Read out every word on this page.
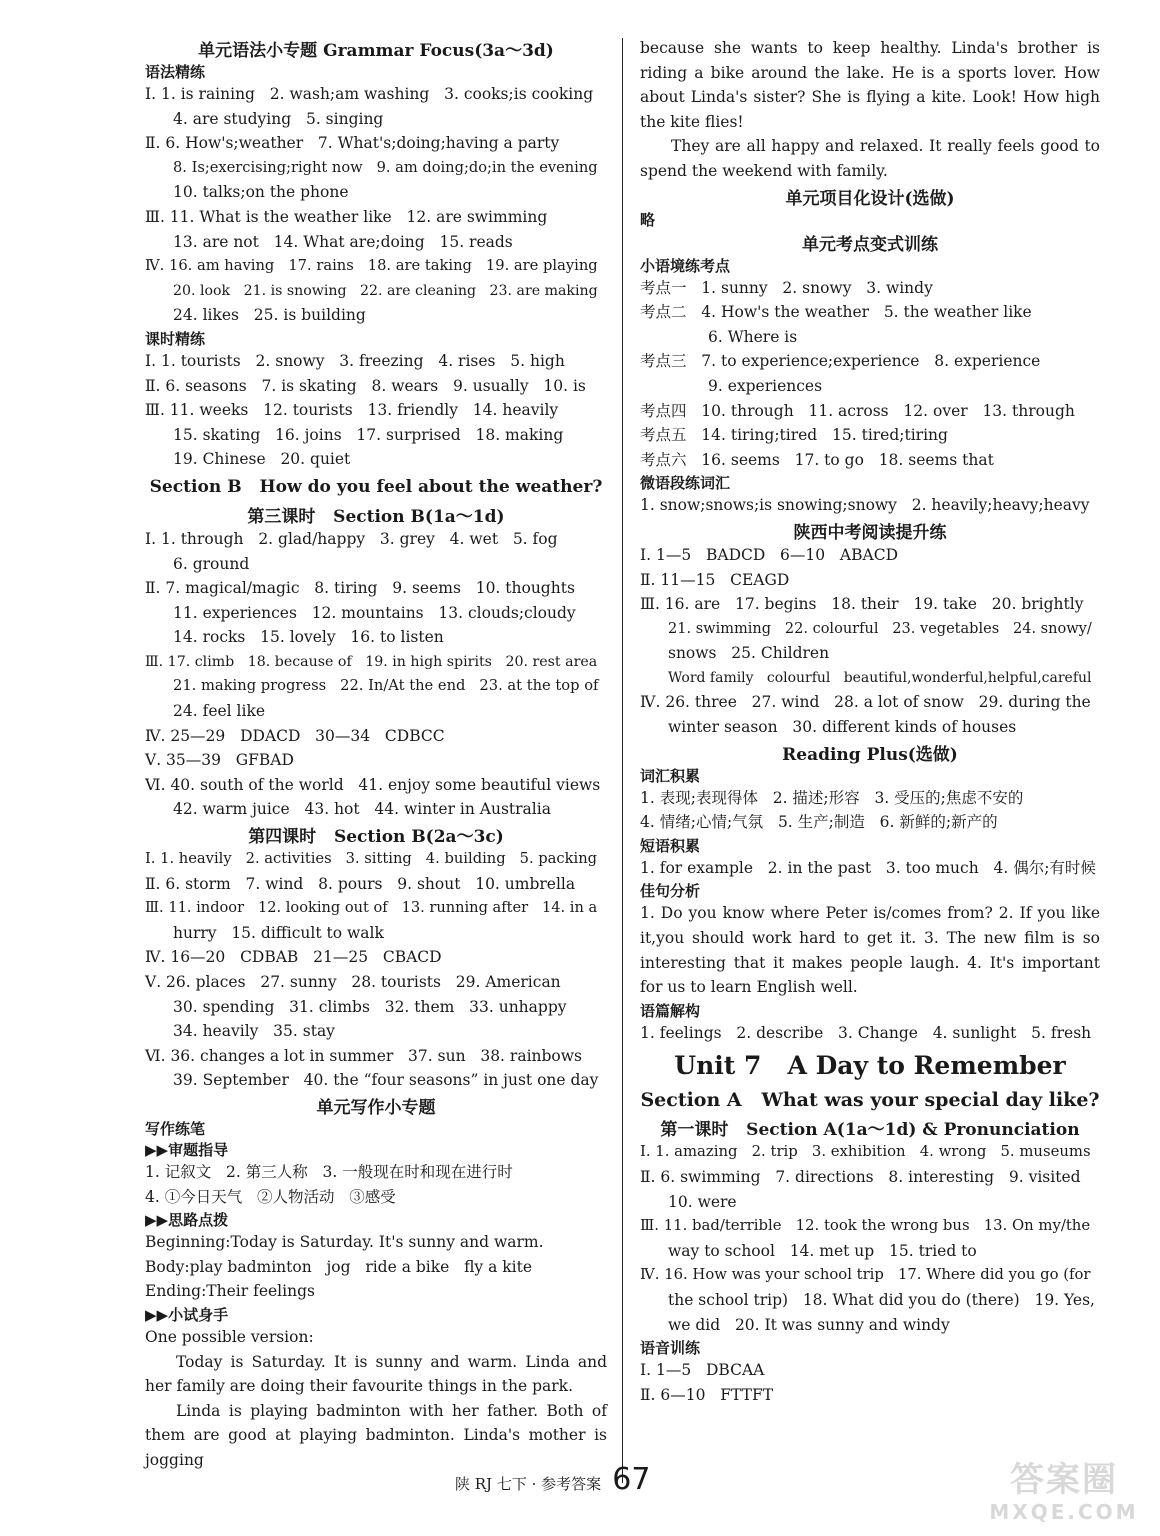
单元语法小专题 Grammar Focus(3a～3d)
语法精练
Ⅰ. 1. is raining   2. wash;am washing   3. cooks;is cooking
4. are studying   5. singing
Ⅱ. 6. How's;weather   7. What's;doing;having a party
8. Is;exercising;right now   9. am doing;do;in the evening
10. talks;on the phone
Ⅲ. 11. What is the weather like   12. are swimming
13. are not   14. What are;doing   15. reads
Ⅳ. 16. am having   17. rains   18. are taking   19. are playing
20. look   21. is snowing   22. are cleaning   23. are making
24. likes   25. is building
课时精练
Ⅰ. 1. tourists   2. snowy   3. freezing   4. rises   5. high
Ⅱ. 6. seasons   7. is skating   8. wears   9. usually   10. is
Ⅲ. 11. weeks   12. tourists   13. friendly   14. heavily
15. skating   16. joins   17. surprised   18. making
19. Chinese   20. quiet
Section B   How do you feel about the weather?
第三课时   Section B(1a～1d)
Ⅰ. 1. through   2. glad/happy   3. grey   4. wet   5. fog
6. ground
Ⅱ. 7. magical/magic   8. tiring   9. seems   10. thoughts
11. experiences   12. mountains   13. clouds;cloudy
14. rocks   15. lovely   16. to listen
Ⅲ. 17. climb   18. because of   19. in high spirits   20. rest area
21. making progress   22. In/At the end   23. at the top of
24. feel like
Ⅳ. 25—29   DDACD   30—34   CDBCC
Ⅴ. 35—39   GFBAD
Ⅵ. 40. south of the world   41. enjoy some beautiful views
42. warm juice   43. hot   44. winter in Australia
第四课时   Section B(2a～3c)
Ⅰ. 1. heavily   2. activities   3. sitting   4. building   5. packing
Ⅱ. 6. storm   7. wind   8. pours   9. shout   10. umbrella
Ⅲ. 11. indoor   12. looking out of   13. running after   14. in a
hurry   15. difficult to walk
Ⅳ. 16—20   CDBAB   21—25   CBACD
Ⅴ. 26. places   27. sunny   28. tourists   29. American
30. spending   31. climbs   32. them   33. unhappy
34. heavily   35. stay
Ⅵ. 36. changes a lot in summer   37. sun   38. rainbows
39. September   40. the “four seasons” in just one day
单元写作小专题
写作练笔
▶▶审题指导
1. 记叙文   2. 第三人称   3. 一般现在时和现在进行时
4. ①今日天气   ②人物活动   ③感受
▶▶思路点拨
Beginning:Today is Saturday. It's sunny and warm.
Body:play badminton   jog   ride a bike   fly a kite
Ending:Their feelings
▶▶小试身手
One possible version:
Today is Saturday. It is sunny and warm. Linda and her family are doing their favourite things in the park.
Linda is playing badminton with her father. Both of them are good at playing badminton. Linda's mother is jogging
because she wants to keep healthy. Linda's brother is riding a bike around the lake. He is a sports lover. How about Linda's sister? She is flying a kite. Look! How high the kite flies!
They are all happy and relaxed. It really feels good to spend the weekend with family.
单元项目化设计(选做)
略
单元考点变式训练
小语境练考点
考点一   1. sunny   2. snowy   3. windy
考点二   4. How's the weather   5. the weather like
6. Where is
考点三   7. to experience;experience   8. experience
9. experiences
考点四   10. through   11. across   12. over   13. through
考点五   14. tiring;tired   15. tired;tiring
考点六   16. seems   17. to go   18. seems that
微语段练词汇
1. snow;snows;is snowing;snowy   2. heavily;heavy;heavy
陕西中考阅读提升练
Ⅰ. 1—5   BADCD   6—10   ABACD
Ⅱ. 11—15   CEAGD
Ⅲ. 16. are   17. begins   18. their   19. take   20. brightly
21. swimming   22. colourful   23. vegetables   24. snowy/
snows   25. Children
Word family   colourful   beautiful,wonderful,helpful,careful
Ⅳ. 26. three   27. wind   28. a lot of snow   29. during the
winter season   30. different kinds of houses
Reading Plus(选做)
词汇积累
1. 表现;表现得体   2. 描述;形容   3. 受压的;焦虑不安的
4. 情绪;心情;气氛   5. 生产;制造   6. 新鲜的;新产的
短语积累
1. for example   2. in the past   3. too much   4. 偶尔;有时候
佳句分析
1. Do you know where Peter is/comes from? 2. If you like it,you should work hard to get it. 3. The new film is so interesting that it makes people laugh. 4. It's important for us to learn English well.
语篇解构
1. feelings   2. describe   3. Change   4. sunlight   5. fresh
Unit 7   A Day to Remember
Section A   What was your special day like?
第一课时   Section A(1a～1d) & Pronunciation
Ⅰ. 1. amazing   2. trip   3. exhibition   4. wrong   5. museums
Ⅱ. 6. swimming   7. directions   8. interesting   9. visited
10. were
Ⅲ. 11. bad/terrible   12. took the wrong bus   13. On my/the
way to school   14. met up   15. tried to
Ⅳ. 16. How was your school trip   17. Where did you go (for
the school trip)   18. What did you do (there)   19. Yes,
we did   20. It was sunny and windy
语音训练
Ⅰ. 1—5   DBCAA
Ⅱ. 6—10   FTTFT
陕 RJ 七下 · 参考答案 67	答案圈
MXQE.COM
